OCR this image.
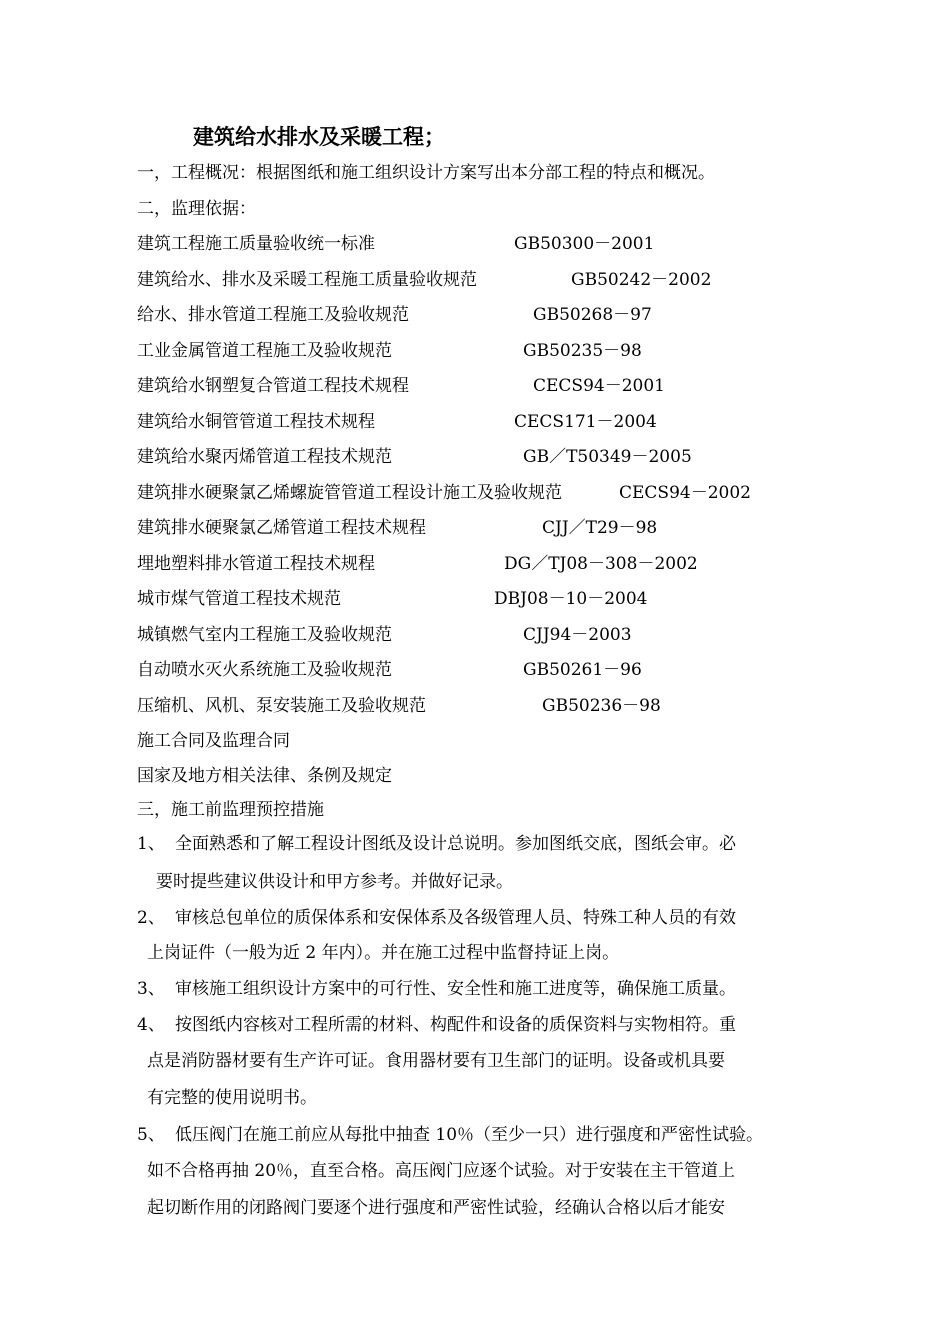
建筑给水排水及采暖工程；
一，工程概况：根据图纸和施工组织设计方案写出本分部工程的特点和概况。
二，监理依据：
建筑工程施工质量验收统一标准	GB50300－2001
建筑给水、排水及采暖工程施工质量验收规范	GB50242－2002
给水、排水管道工程施工及验收规范	GB50268－97
工业金属管道工程施工及验收规范	GB50235－98
建筑给水钢塑复合管道工程技术规程	CECS94－2001
建筑给水铜管管道工程技术规程	CECS171－2004
建筑给水聚丙烯管道工程技术规范	GB／T50349－2005
建筑排水硬聚氯乙烯螺旋管管道工程设计施工及验收规范	CECS94－2002
建筑排水硬聚氯乙烯管道工程技术规程	CJJ／T29－98
埋地塑料排水管道工程技术规程	DG／TJ08－308－2002
城市煤气管道工程技术规范	DBJ08－10－2004
城镇燃气室内工程施工及验收规范	CJJ94－2003
自动喷水灭火系统施工及验收规范	GB50261－96
压缩机、风机、泵安装施工及验收规范	GB50236－98
施工合同及监理合同
国家及地方相关法律、条例及规定
三，施工前监理预控措施
1、 全面熟悉和了解工程设计图纸及设计总说明。参加图纸交底，图纸会审。必
要时提些建议供设计和甲方参考。并做好记录。
2、 审核总包单位的质保体系和安保体系及各级管理人员、特殊工种人员的有效
上岗证件（一般为近 2 年内）。并在施工过程中监督持证上岗。
3、 审核施工组织设计方案中的可行性、安全性和施工进度等，确保施工质量。
4、 按图纸内容核对工程所需的材料、构配件和设备的质保资料与实物相符。重
点是消防器材要有生产许可证。食用器材要有卫生部门的证明。设备或机具要
有完整的使用说明书。
5、 低压阀门在施工前应从每批中抽查 10％（至少一只）进行强度和严密性试验。
如不合格再抽 20％，直至合格。高压阀门应逐个试验。对于安装在主干管道上
起切断作用的闭路阀门要逐个进行强度和严密性试验，经确认合格以后才能安
